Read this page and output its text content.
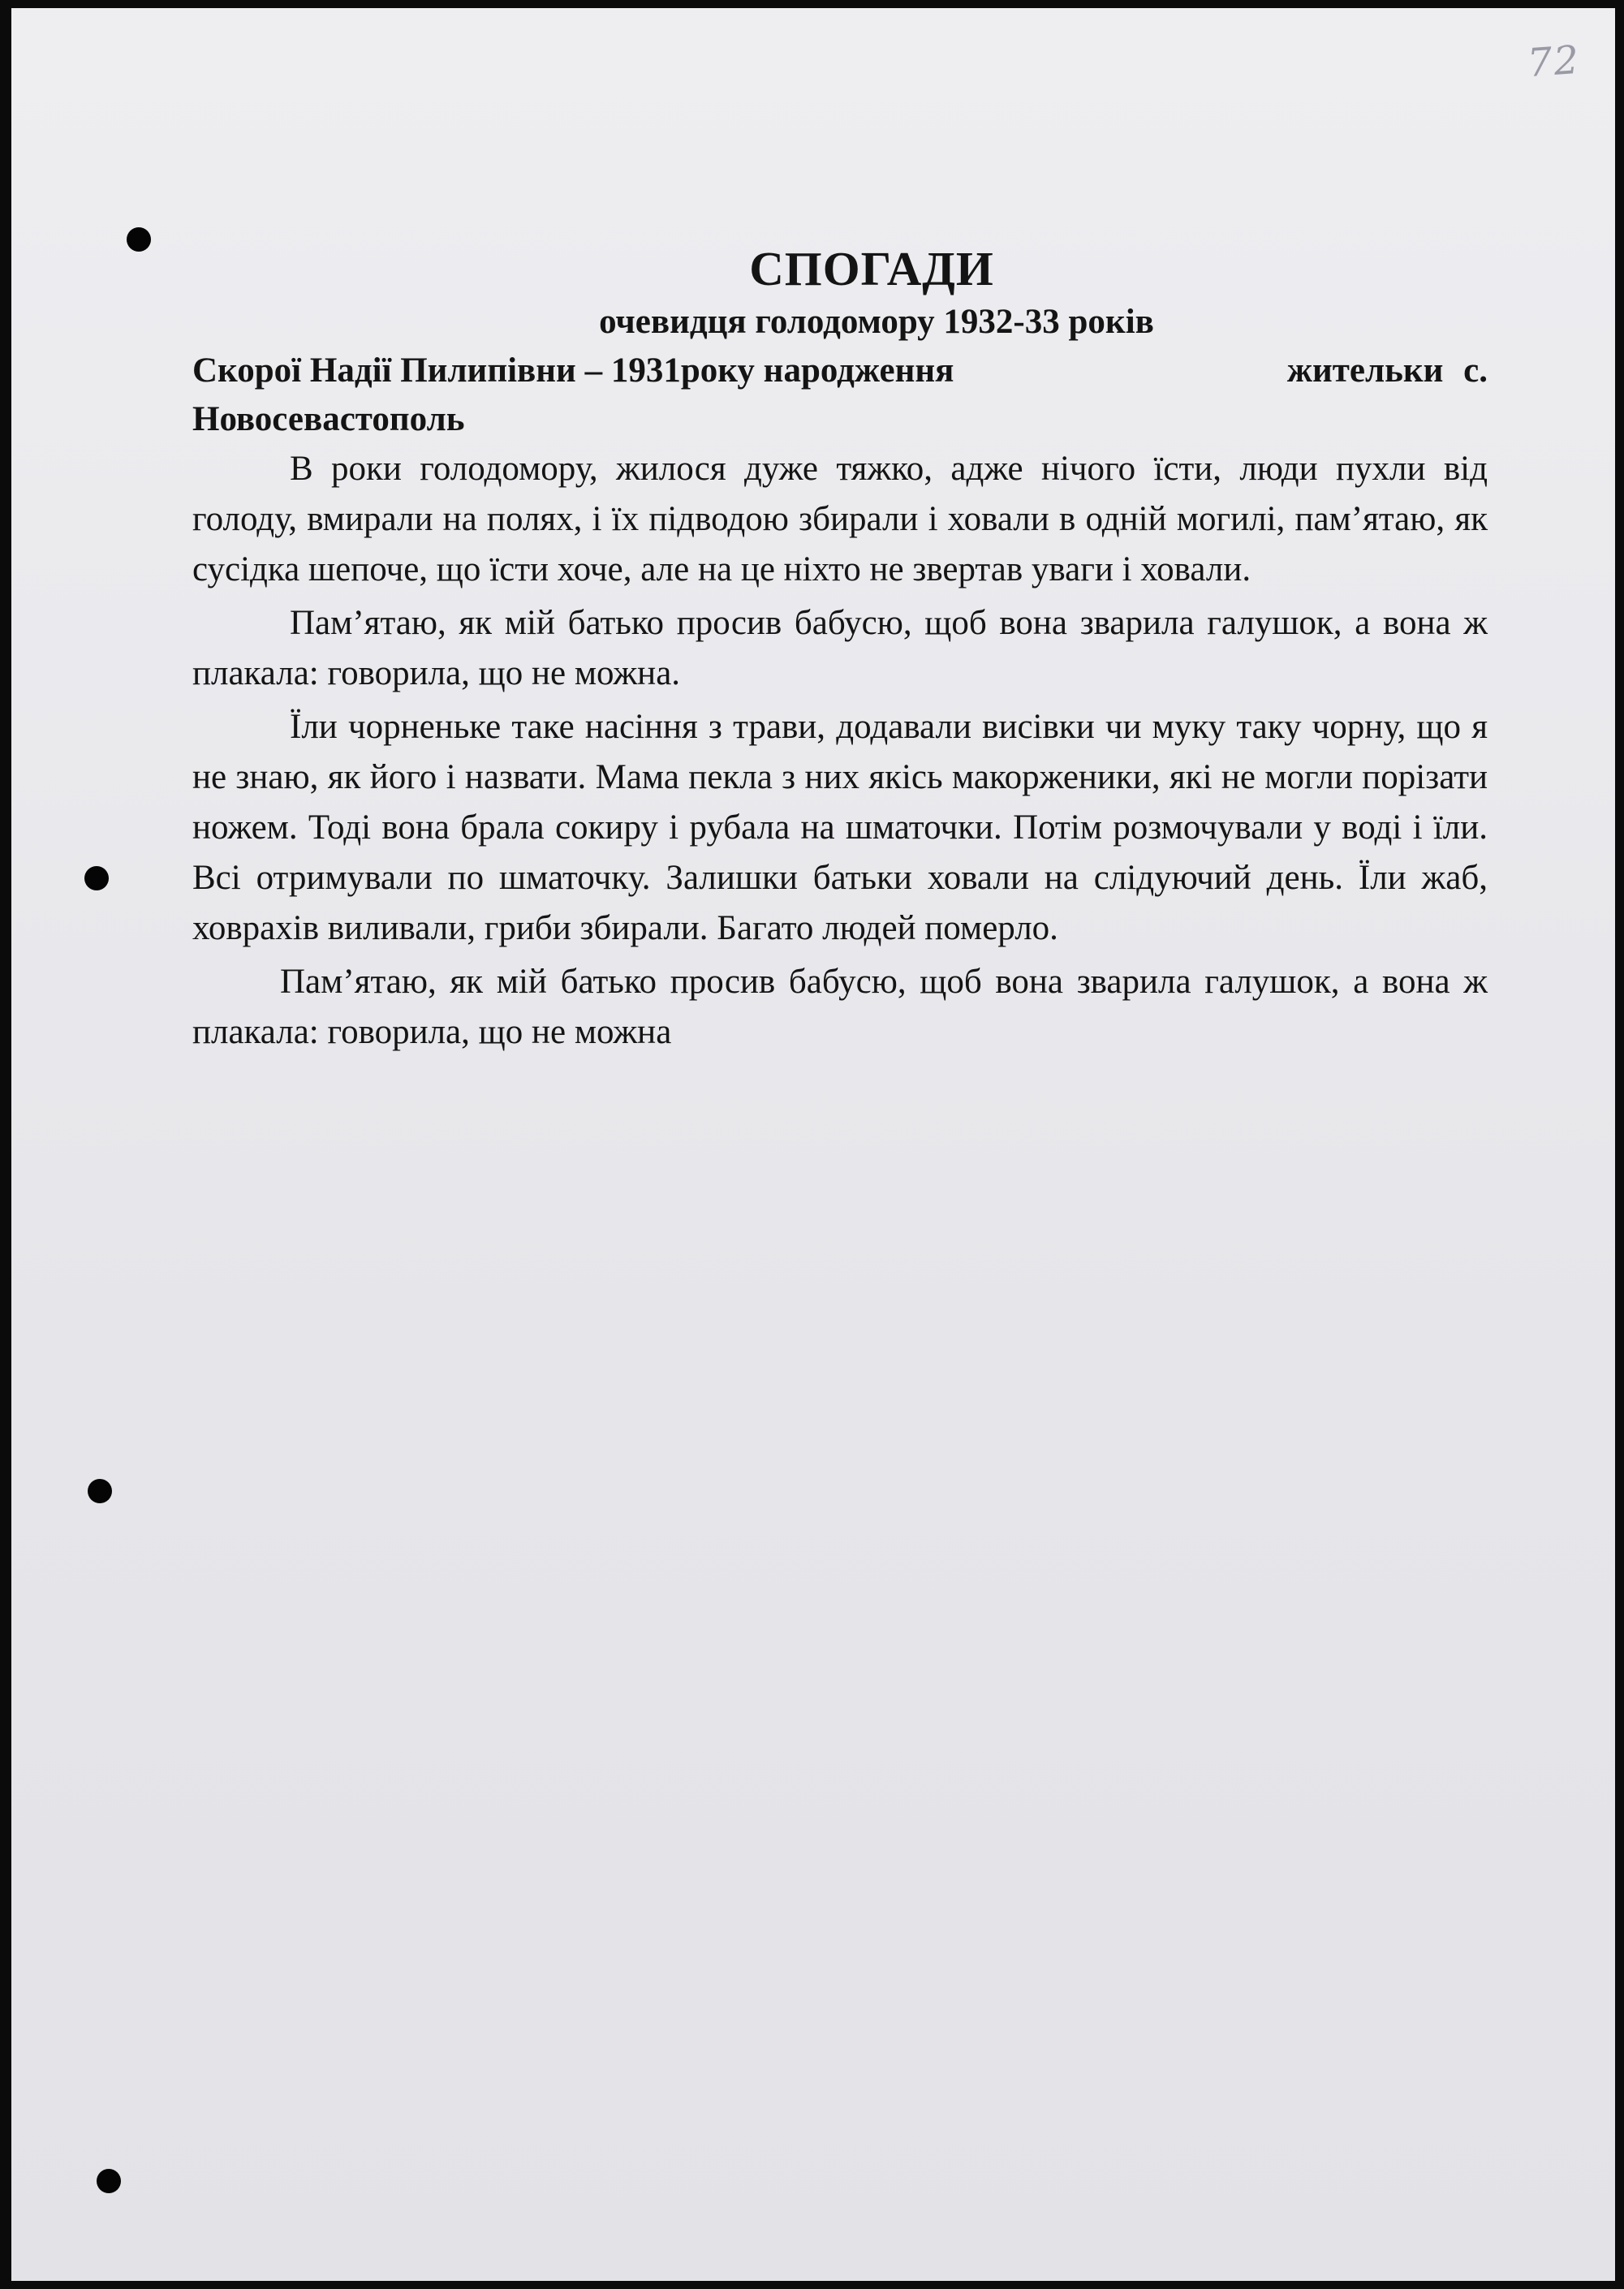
72
СПОГАДИ
очевидця голодомору 1932-33 років
Скорої Надії Пилипівни – 1931року народження	жительки с.
Новосевастополь

В роки голодомору, жилося дуже тяжко, адже нічого їсти, люди пухли від голоду, вмирали на полях, і їх підводою збирали і ховали в одній могилі, пам’ятаю, як сусідка шепоче, що їсти хоче, але на це ніхто не звертав уваги і ховали.

Пам’ятаю, як мій батько просив бабусю, щоб вона зварила галушок, а вона ж плакала: говорила, що не можна.

Їли чорненьке таке насіння з трави, додавали висівки чи муку таку чорну, що я не знаю, як його і назвати. Мама пекла з них якісь макорженики, які не могли порізати ножем. Тоді вона брала сокиру і рубала на шматочки. Потім розмочували у воді і їли. Всі отримували по шматочку. Залишки батьки ховали на слідуючий день. Їли жаб, ховрахів виливали, гриби збирали. Багато людей померло.

Пам’ятаю, як мій батько просив бабусю, щоб вона зварила галушок, а вона ж плакала: говорила, що не можна
